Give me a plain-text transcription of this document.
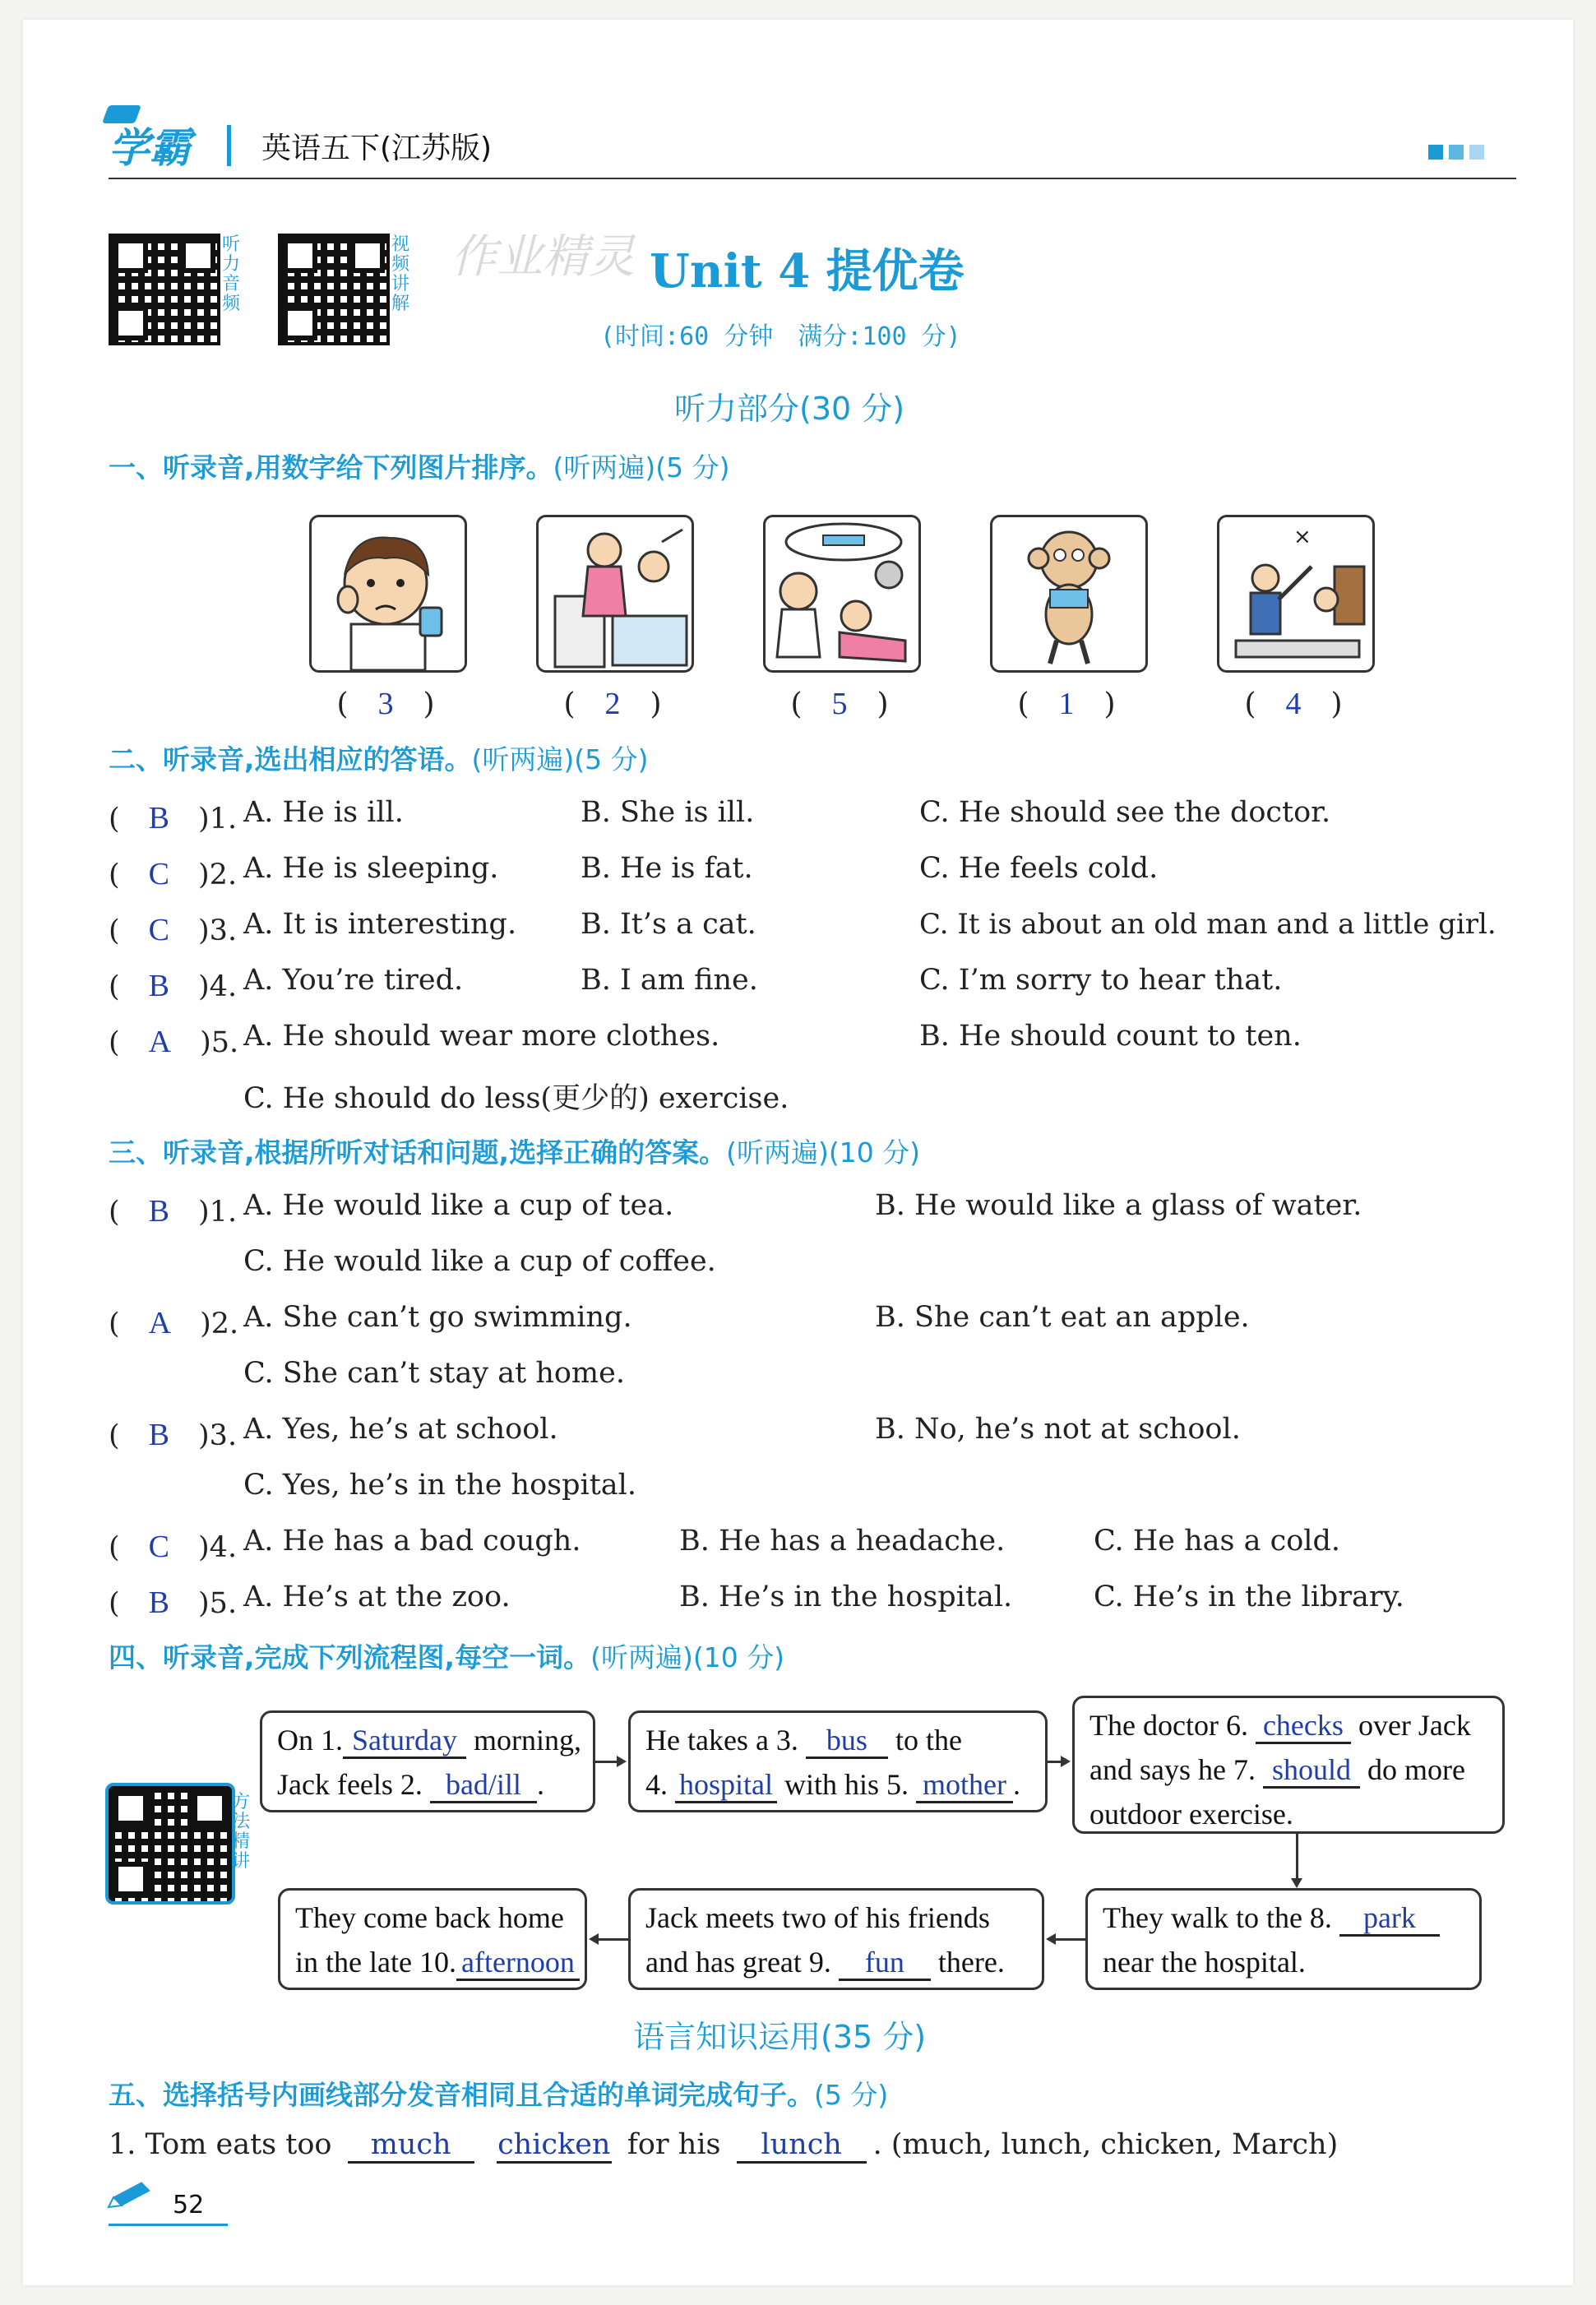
学霸 英语五下(江苏版)
听力音频
视频讲解
作业精灵 Unit 4 提优卷
(时间:60 分钟　满分:100 分)
听力部分(30 分)
一、听录音,用数字给下列图片排序。(听两遍)(5 分)
×
(　3　)	(　2　)	(　5　)	(　1　)	(　4　)
二、听录音,选出相应的答语。(听两遍)(5 分)
(　B　)1. A. He is ill.	B. She is ill.	C. He should see the doctor.
(　C　)2. A. He is sleeping.	B. He is fat.	C. He feels cold.
(　C　)3. A. It is interesting. B. It’s a cat.	C. It is about an old man and a little girl.
(　B　)4. A. You’re tired.	B. I am fine.	C. I’m sorry to hear that.
(　A　)5. A. He should wear more clothes.	B. He should count to ten.
C. He should do less(更少的) exercise.
三、听录音,根据所听对话和问题,选择正确的答案。(听两遍)(10 分)
(　B　)1. A. He would like a cup of tea.	B. He would like a glass of water.
C. He would like a cup of coffee.
(　A　)2. A. She can’t go swimming.	B. She can’t eat an apple.
C. She can’t stay at home.
(　B　)3. A. Yes, he’s at school.	B. No, he’s not at school.
C. Yes, he’s in the hospital.
(　C　)4. A. He has a bad cough.	B. He has a headache.	C. He has a cold.
(　B　)5. A. He’s at the zoo.	B. He’s in the hospital.	C. He’s in the library.
四、听录音,完成下列流程图,每空一词。(听两遍)(10 分)
方法精讲
On 1. Saturday morning,
Jack feels 2. bad/ill .
He takes a 3. bus to the
4. hospital with his 5. mother .
The doctor 6. checks over Jack
and says he 7. should do more
outdoor exercise.
They walk to the 8. park
near the hospital.
Jack meets two of his friends
and has great 9. fun there.
They come back home
in the late 10. afternoon
语言知识运用(35 分)
五、选择括号内画线部分发音相同且合适的单词完成句子。(5 分)
1. Tom eats too much chicken for his lunch . (much, lunch, chicken, March)
52
